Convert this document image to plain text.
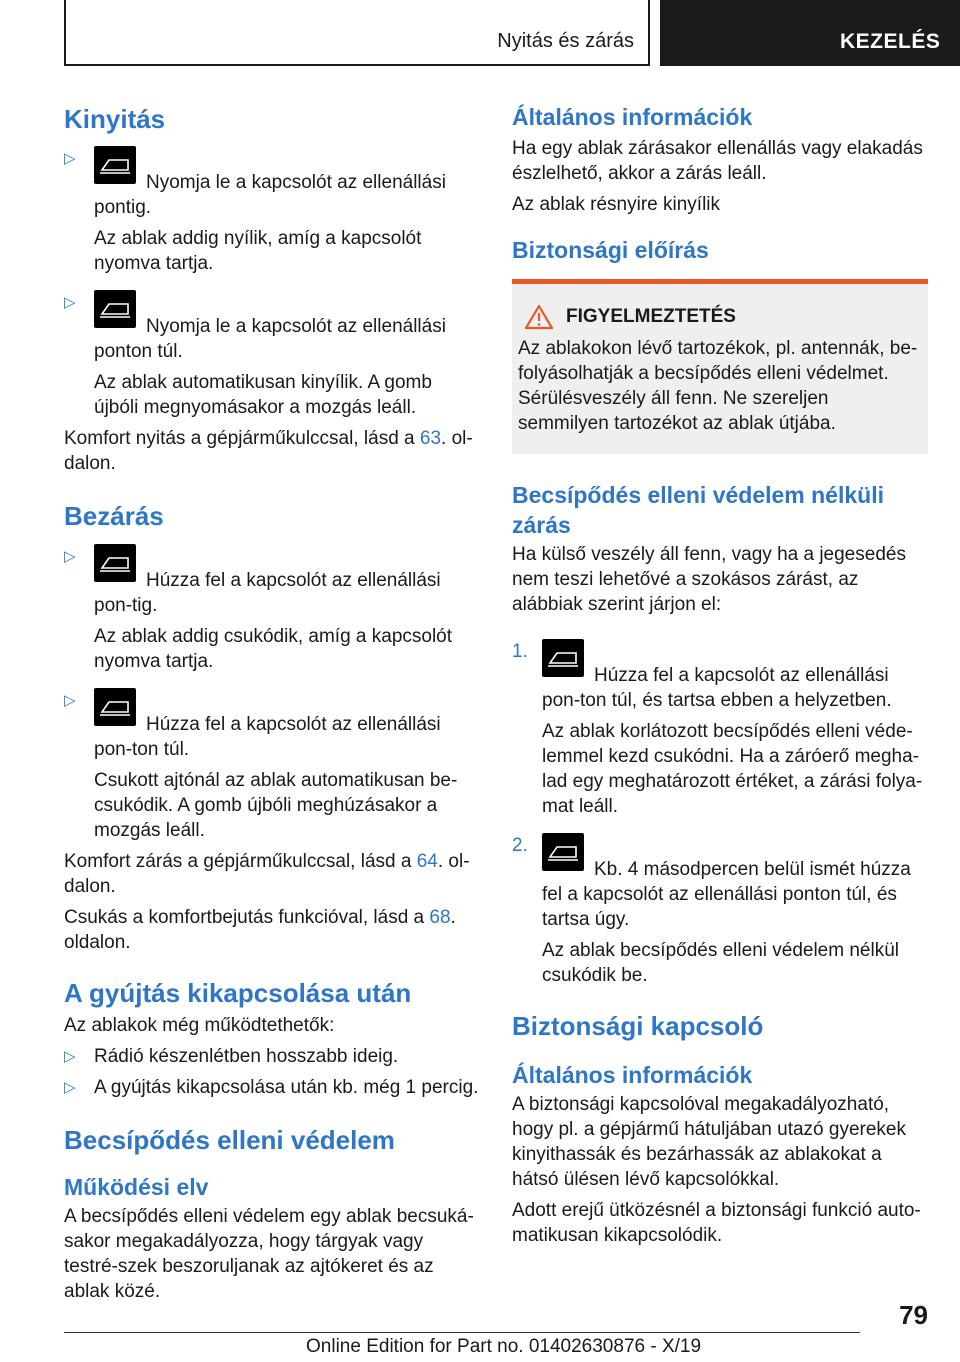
Nyitás és zárás	KEZELÉS
Kinyitás
▷
Nyomja le a kapcsolót az ellenállási pontig.
Az ablak addig nyílik, amíg a kapcsolót nyomva tartja.
▷
Nyomja le a kapcsolót az ellenállási ponton túl.
Az ablak automatikusan kinyílik. A gomb újbóli megnyomásakor a mozgás leáll.
Komfort nyitás a gépjárműkulccsal, lásd a 63. ol-dalon.
Bezárás
▷
Húzza fel a kapcsolót az ellenállási pon-tig.
Az ablak addig csukódik, amíg a kapcsolót nyomva tartja.
▷
Húzza fel a kapcsolót az ellenállási pon-ton túl.
Csukott ajtónál az ablak automatikusan be-csukódik. A gomb újbóli meghúzásakor a mozgás leáll.
Komfort zárás a gépjárműkulccsal, lásd a 64. ol-dalon.
Csukás a komfortbejutás funkcióval, lásd a 68. oldalon.
A gyújtás kikapcsolása után
Az ablakok még működtethetők:
▷ Rádió készenlétben hosszabb ideig.
▷ A gyújtás kikapcsolása után kb. még 1 percig.
Becsípődés elleni védelem
Működési elv
A becsípődés elleni védelem egy ablak becsuká-sakor megakadályozza, hogy tárgyak vagy testré-szek beszoruljanak az ajtókeret és az ablak közé.
Általános információk
Ha egy ablak zárásakor ellenállás vagy elakadás észlelhető, akkor a zárás leáll.
Az ablak résnyire kinyílik
Biztonsági előírás
FIGYELMEZTETÉS
Az ablakokon lévő tartozékok, pl. antennák, be-folyásolhatják a becsípődés elleni védelmet. Sérülésveszély áll fenn. Ne szereljen semmilyen tartozékot az ablak útjába.
Becsípődés elleni védelem nélküli zárás
Ha külső veszély áll fenn, vagy ha a jegesedés nem teszi lehetővé a szokásos zárást, az alábbiak szerint járjon el:
1.
Húzza fel a kapcsolót az ellenállási pon-ton túl, és tartsa ebben a helyzetben.
Az ablak korlátozott becsípődés elleni véde-lemmel kezd csukódni. Ha a záróerő megha-lad egy meghatározott értéket, a zárási folya-mat leáll.
2.
Kb. 4 másodpercen belül ismét húzza fel a kapcsolót az ellenállási ponton túl, és tartsa úgy.
Az ablak becsípődés elleni védelem nélkül csukódik be.
Biztonsági kapcsoló
Általános információk
A biztonsági kapcsolóval megakadályozható, hogy pl. a gépjármű hátuljában utazó gyerekek kinyithassák és bezárhassák az ablakokat a hátsó ülésen lévő kapcsolókkal.
Adott erejű ütközésnél a biztonsági funkció auto-matikusan kikapcsolódik.
79
Online Edition for Part no. 01402630876 - X/19
